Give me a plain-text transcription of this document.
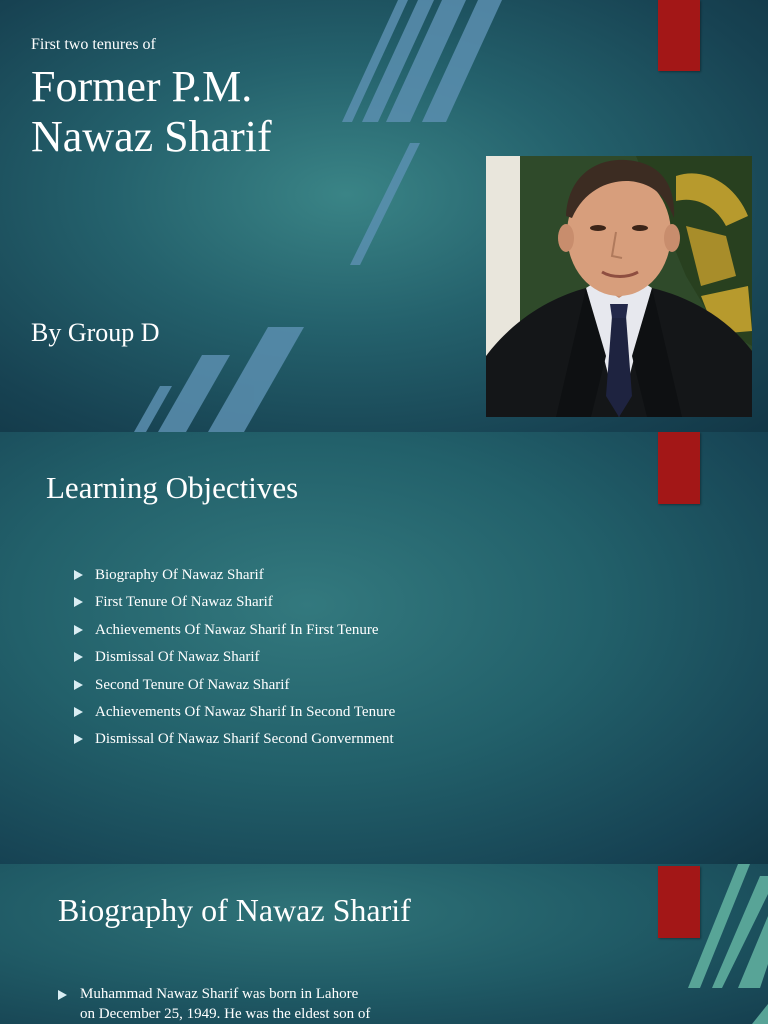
First two tenures of
Former P.M.
Nawaz Sharif
By Group D
Learning Objectives
Biography Of Nawaz Sharif
First Tenure Of Nawaz Sharif
Achievements Of Nawaz Sharif In First Tenure
Dismissal Of Nawaz Sharif
Second Tenure Of Nawaz Sharif
Achievements Of Nawaz Sharif In Second Tenure
Dismissal Of Nawaz Sharif Second Gonvernment
Biography of Nawaz Sharif
Muhammad Nawaz Sharif was born in Lahore
on December 25, 1949. He was the eldest son of
